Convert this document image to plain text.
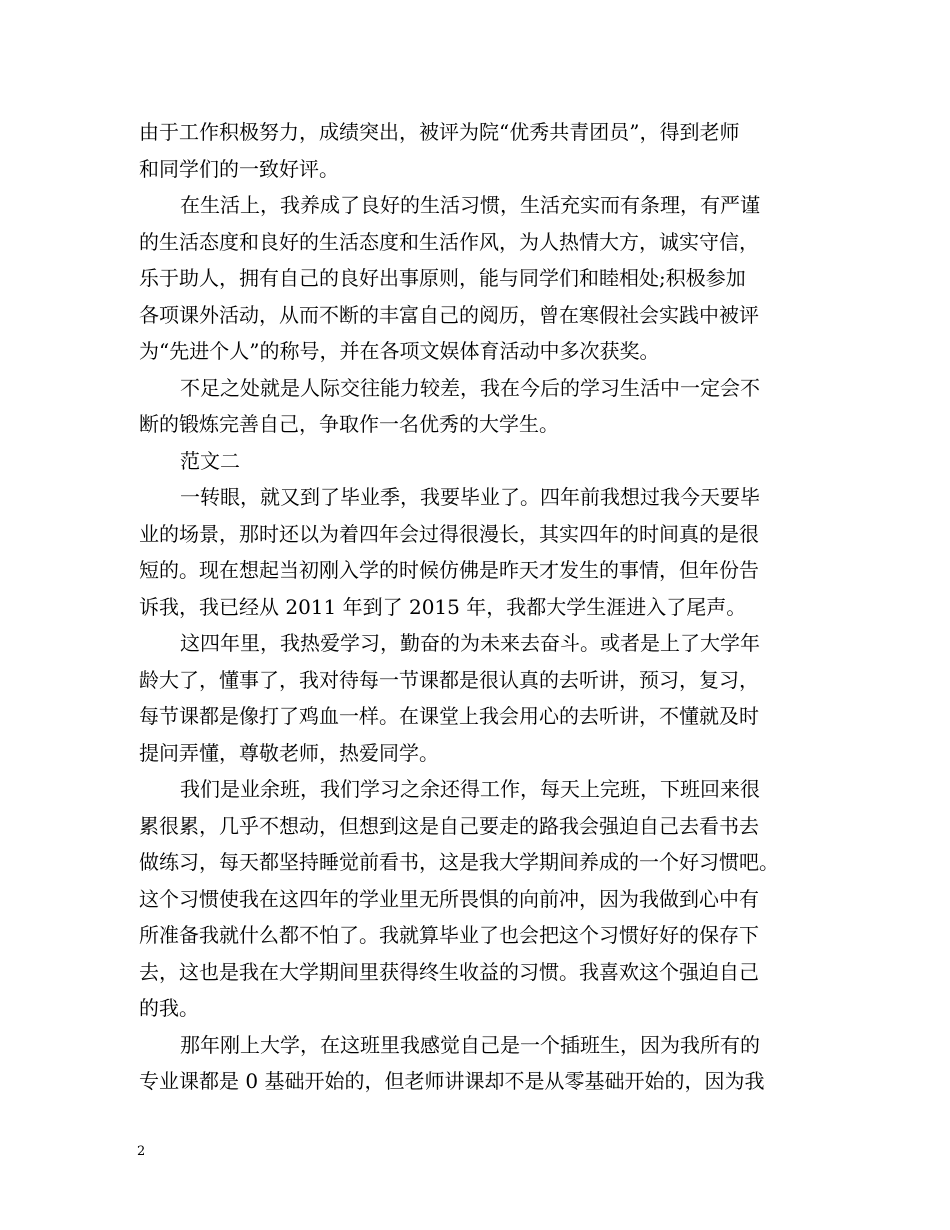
由于工作积极努力，成绩突出，被评为院“优秀共青团员”，得到老师
和同学们的一致好评。
在生活上，我养成了良好的生活习惯，生活充实而有条理，有严谨
的生活态度和良好的生活态度和生活作风，为人热情大方，诚实守信，
乐于助人，拥有自己的良好出事原则，能与同学们和睦相处;积极参加
各项课外活动，从而不断的丰富自己的阅历，曾在寒假社会实践中被评
为“先进个人”的称号，并在各项文娱体育活动中多次获奖。
不足之处就是人际交往能力较差，我在今后的学习生活中一定会不
断的锻炼完善自己，争取作一名优秀的大学生。
范文二
一转眼，就又到了毕业季，我要毕业了。四年前我想过我今天要毕
业的场景，那时还以为着四年会过得很漫长，其实四年的时间真的是很
短的。现在想起当初刚入学的时候仿佛是昨天才发生的事情，但年份告
诉我，我已经从 2011 年到了 2015 年，我都大学生涯进入了尾声。
这四年里，我热爱学习，勤奋的为未来去奋斗。或者是上了大学年
龄大了，懂事了，我对待每一节课都是很认真的去听讲，预习，复习，
每节课都是像打了鸡血一样。在课堂上我会用心的去听讲，不懂就及时
提问弄懂，尊敬老师，热爱同学。
我们是业余班，我们学习之余还得工作，每天上完班，下班回来很
累很累，几乎不想动，但想到这是自己要走的路我会强迫自己去看书去
做练习，每天都坚持睡觉前看书，这是我大学期间养成的一个好习惯吧。
这个习惯使我在这四年的学业里无所畏惧的向前冲，因为我做到心中有
所准备我就什么都不怕了。我就算毕业了也会把这个习惯好好的保存下
去，这也是我在大学期间里获得终生收益的习惯。我喜欢这个强迫自己
的我。
那年刚上大学，在这班里我感觉自己是一个插班生，因为我所有的
专业课都是 0 基础开始的，但老师讲课却不是从零基础开始的，因为我
2
